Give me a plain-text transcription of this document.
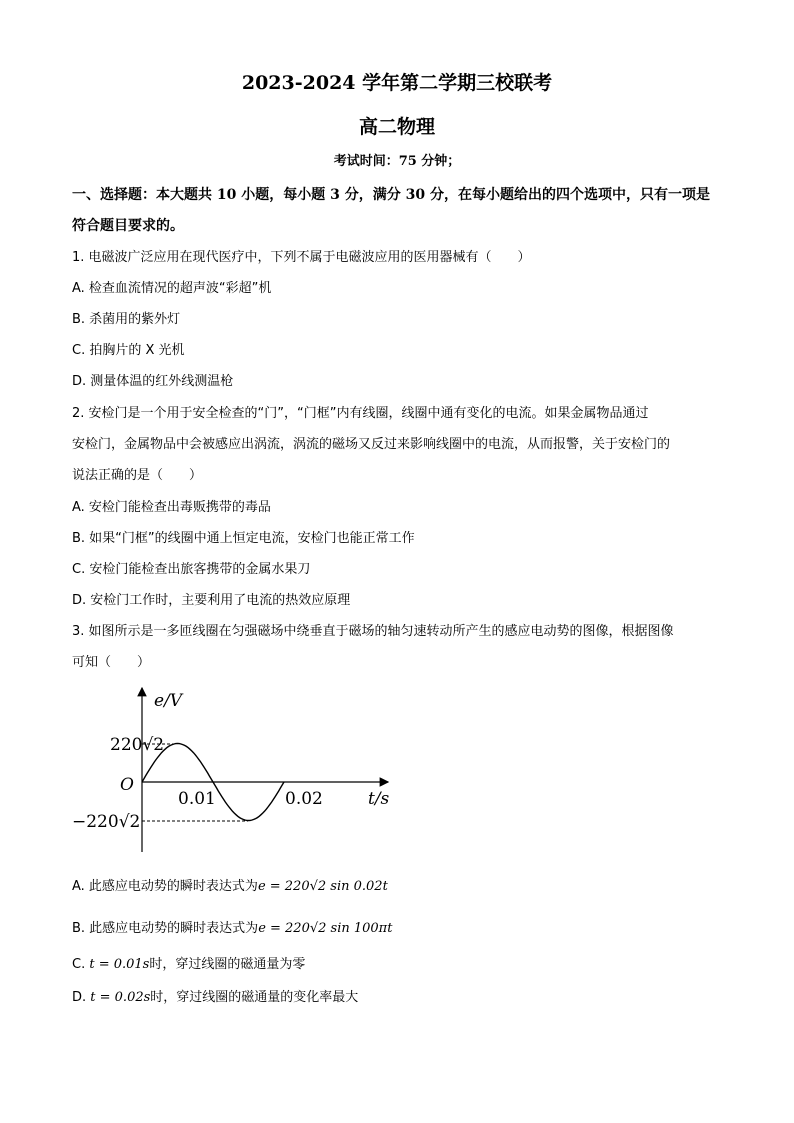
2023-2024 学年第二学期三校联考
高二物理
考试时间：75 分钟；
一、选择题：本大题共 10 小题，每小题 3 分，满分 30 分，在每小题给出的四个选项中，只有一项是符合题目要求的。
1. 电磁波广泛应用在现代医疗中，下列不属于电磁波应用的医用器械有（　　）
A. 检查血流情况的超声波“彩超”机
B. 杀菌用的紫外灯
C. 拍胸片的 X 光机
D. 测量体温的红外线测温枪
2. 安检门是一个用于安全检查的“门”，“门框”内有线圈，线圈中通有变化的电流。如果金属物品通过
安检门，金属物品中会被感应出涡流，涡流的磁场又反过来影响线圈中的电流，从而报警，关于安检门的
说法正确的是（　　）
A. 安检门能检查出毒贩携带的毒品
B. 如果“门框”的线圈中通上恒定电流，安检门也能正常工作
C. 安检门能检查出旅客携带的金属水果刀
D. 安检门工作时，主要利用了电流的热效应原理
3. 如图所示是一多匝线圈在匀强磁场中绕垂直于磁场的轴匀速转动所产生的感应电动势的图像，根据图像
可知（　　）
e/V
t/s
O
220√2
−220√2
0.01	0.02
A. 此感应电动势的瞬时表达式为e = 220√2 sin 0.02t
B. 此感应电动势的瞬时表达式为e = 220√2 sin 100πt
C. t = 0.01s时，穿过线圈的磁通量为零
D. t = 0.02s时，穿过线圈的磁通量的变化率最大
